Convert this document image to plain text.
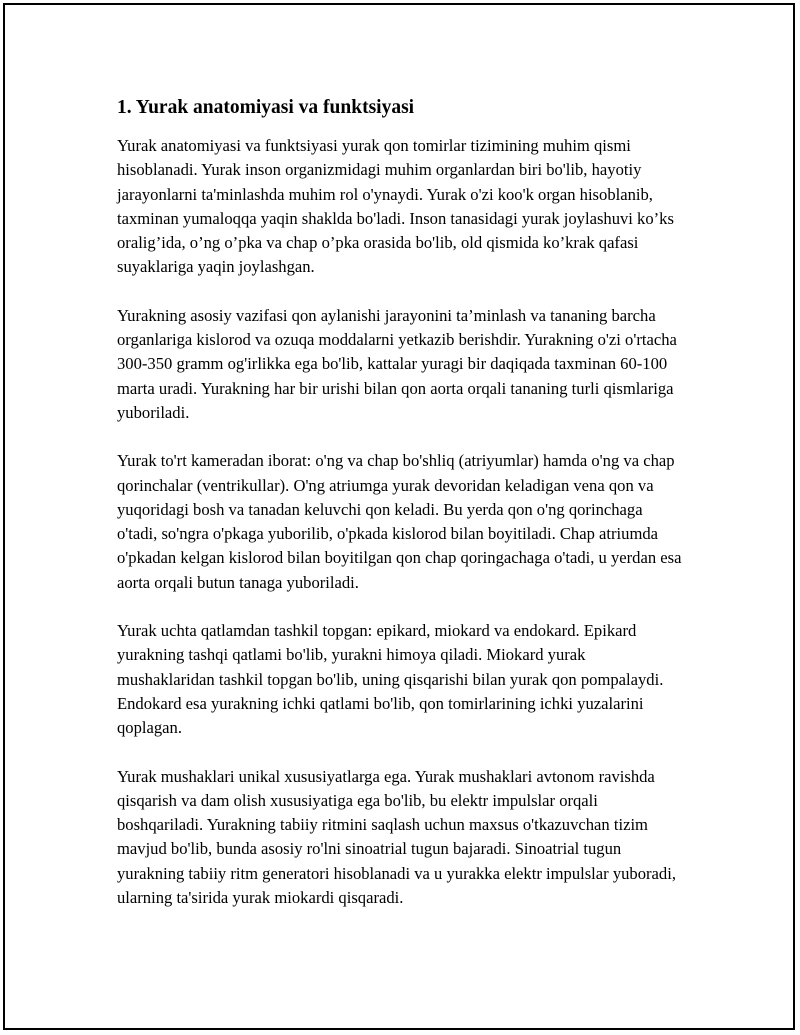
1. Yurak anatomiyasi va funktsiyasi

Yurak anatomiyasi va funktsiyasi yurak qon tomirlar tizimining muhim qismi hisoblanadi. Yurak inson organizmidagi muhim organlardan biri bo'lib, hayotiy jarayonlarni ta'minlashda muhim rol o'ynaydi. Yurak o'zi koo'k organ hisoblanib, taxminan yumaloqqa yaqin shaklda bo'ladi. Inson tanasidagi yurak joylashuvi ko’ks oralig’ida, o’ng o’pka va chap o’pka orasida bo'lib, old qismida ko’krak qafasi suyaklariga yaqin joylashgan.

Yurakning asosiy vazifasi qon aylanishi jarayonini ta’minlash va tananing barcha organlariga kislorod va ozuqa moddalarni yetkazib berishdir. Yurakning o'zi o'rtacha 300-350 gramm og'irlikka ega bo'lib, kattalar yuragi bir daqiqada taxminan 60-100 marta uradi. Yurakning har bir urishi bilan qon aorta orqali tananing turli qismlariga yuboriladi.

Yurak to'rt kameradan iborat: o'ng va chap bo'shliq (atriyumlar) hamda o'ng va chap qorinchalar (ventrikullar). O'ng atriumga yurak devoridan keladigan vena qon va yuqoridagi bosh va tanadan keluvchi qon keladi. Bu yerda qon o'ng qorinchaga o'tadi, so'ngra o'pkaga yuborilib, o'pkada kislorod bilan boyitiladi. Chap atriumda o'pkadan kelgan kislorod bilan boyitilgan qon chap qoringachaga o'tadi, u yerdan esa aorta orqali butun tanaga yuboriladi.

Yurak uchta qatlamdan tashkil topgan: epikard, miokard va endokard. Epikard yurakning tashqi qatlami bo'lib, yurakni himoya qiladi. Miokard yurak mushaklaridan tashkil topgan bo'lib, uning qisqarishi bilan yurak qon pompalaydi. Endokard esa yurakning ichki qatlami bo'lib, qon tomirlarining ichki yuzalarini qoplagan.

Yurak mushaklari unikal xususiyatlarga ega. Yurak mushaklari avtonom ravishda qisqarish va dam olish xususiyatiga ega bo'lib, bu elektr impulslar orqali boshqariladi. Yurakning tabiiy ritmini saqlash uchun maxsus o'tkazuvchan tizim mavjud bo'lib, bunda asosiy ro'lni sinoatrial tugun bajaradi. Sinoatrial tugun yurakning tabiiy ritm generatori hisoblanadi va u yurakka elektr impulslar yuboradi, ularning ta'sirida yurak miokardi qisqaradi.
